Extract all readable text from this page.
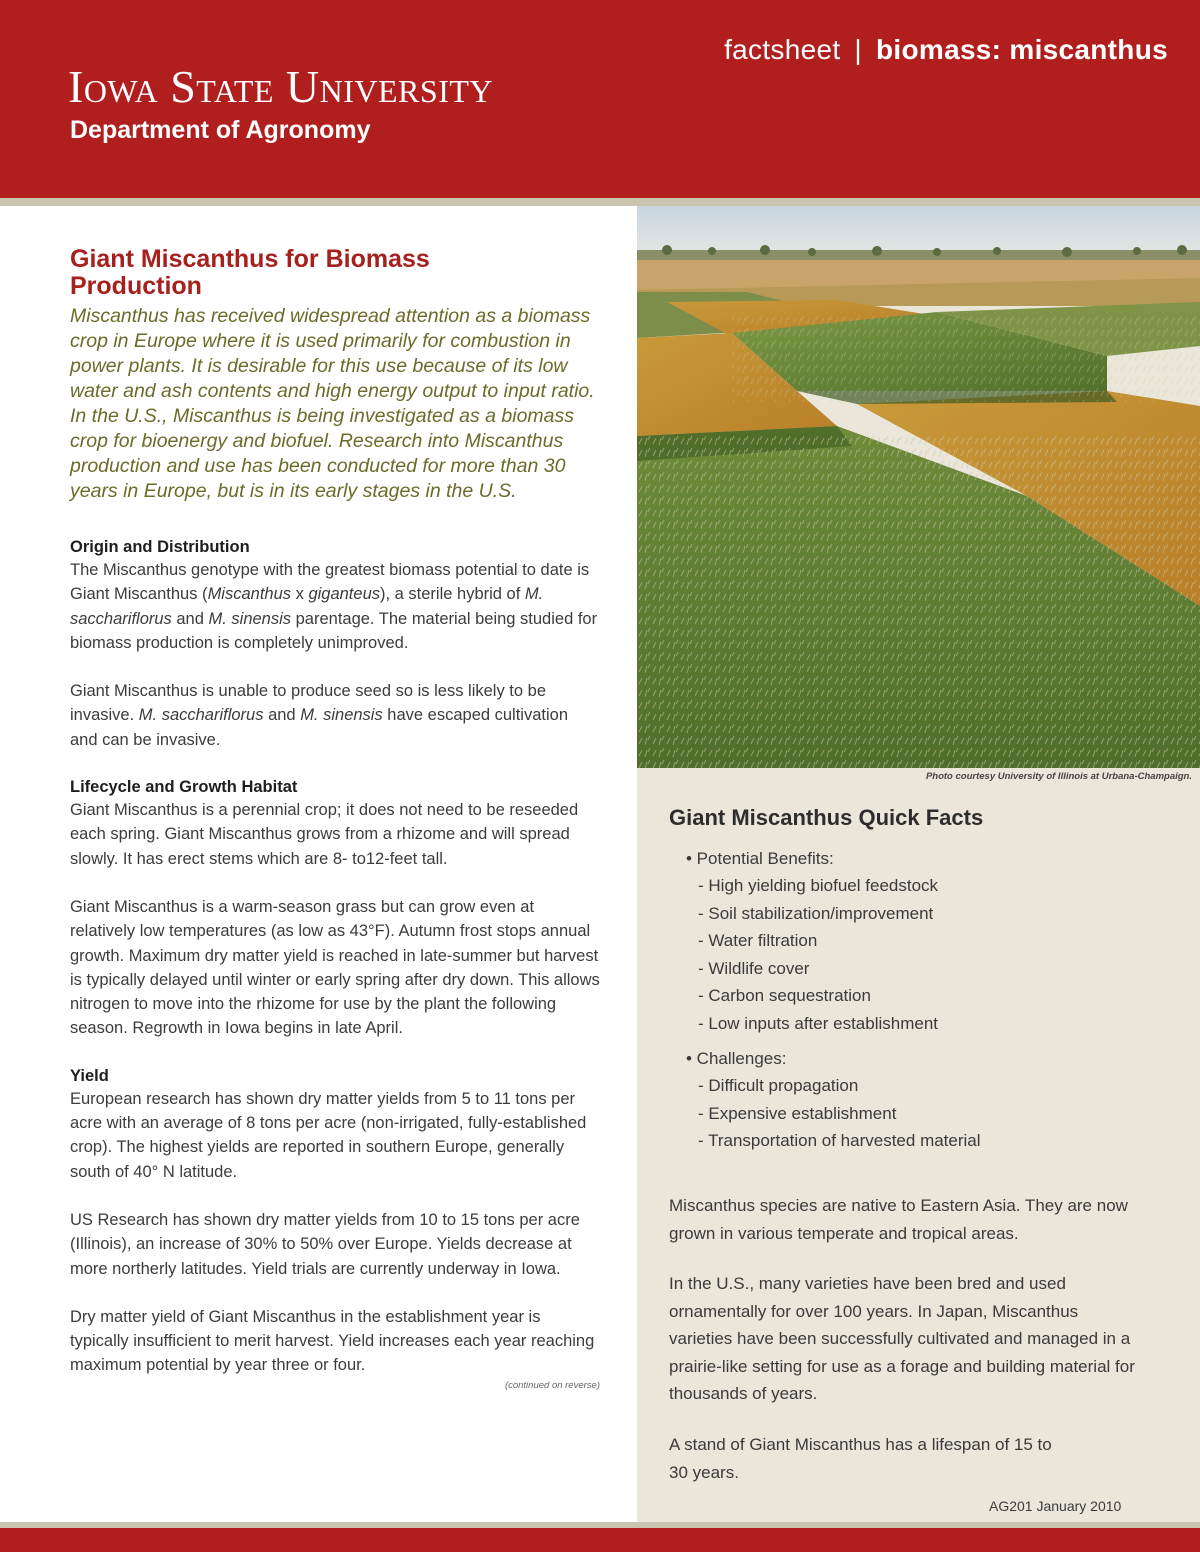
factsheet | biomass: miscanthus
Iowa State University
Department of Agronomy
Giant Miscanthus for Biomass Production

Miscanthus has received widespread attention as a biomass crop in Europe where it is used primarily for combustion in power plants. It is desirable for this use because of its low water and ash contents and high energy output to input ratio. In the U.S., Miscanthus is being investigated as a biomass crop for bioenergy and biofuel. Research into Miscanthus production and use has been conducted for more than 30 years in Europe, but is in its early stages in the U.S.

Origin and Distribution

The Miscanthus genotype with the greatest biomass potential to date is Giant Miscanthus (Miscanthus x giganteus), a sterile hybrid of M. sacchariflorus and M. sinensis parentage. The material being studied for biomass production is completely unimproved.

Giant Miscanthus is unable to produce seed so is less likely to be invasive. M. sacchariflorus and M. sinensis have escaped cultivation and can be invasive.

Lifecycle and Growth Habitat

Giant Miscanthus is a perennial crop; it does not need to be reseeded each spring. Giant Miscanthus grows from a rhizome and will spread slowly. It has erect stems which are 8- to12-feet tall.

Giant Miscanthus is a warm-season grass but can grow even at relatively low temperatures (as low as 43°F). Autumn frost stops annual growth. Maximum dry matter yield is reached in late-summer but harvest is typically delayed until winter or early spring after dry down. This allows nitrogen to move into the rhizome for use by the plant the following season. Regrowth in Iowa begins in late April.

Yield

European research has shown dry matter yields from 5 to 11 tons per acre with an average of 8 tons per acre (non-irrigated, fully-established crop). The highest yields are reported in southern Europe, generally south of 40° N latitude.

US Research has shown dry matter yields from 10 to 15 tons per acre (Illinois), an increase of 30% to 50% over Europe. Yields decrease at more northerly latitudes. Yield trials are currently underway in Iowa.

Dry matter yield of Giant Miscanthus in the establishment year is typically insufficient to merit harvest. Yield increases each year reaching maximum potential by year three or four.

(continued on reverse)
Photo courtesy University of Illinois at Urbana-Champaign.
Giant Miscanthus Quick Facts
• Potential Benefits:
- High yielding biofuel feedstock
- Soil stabilization/improvement
- Water filtration
- Wildlife cover
- Carbon sequestration
- Low inputs after establishment
• Challenges:
- Difficult propagation
- Expensive establishment
- Transportation of harvested material

Miscanthus species are native to Eastern Asia. They are now grown in various temperate and tropical areas.

In the U.S., many varieties have been bred and used ornamentally for over 100 years. In Japan, Miscanthus varieties have been successfully cultivated and managed in a prairie-like setting for use as a forage and building material for thousands of years.

A stand of Giant Miscanthus has a lifespan of 15 to 30 years.

AG201 January 2010
